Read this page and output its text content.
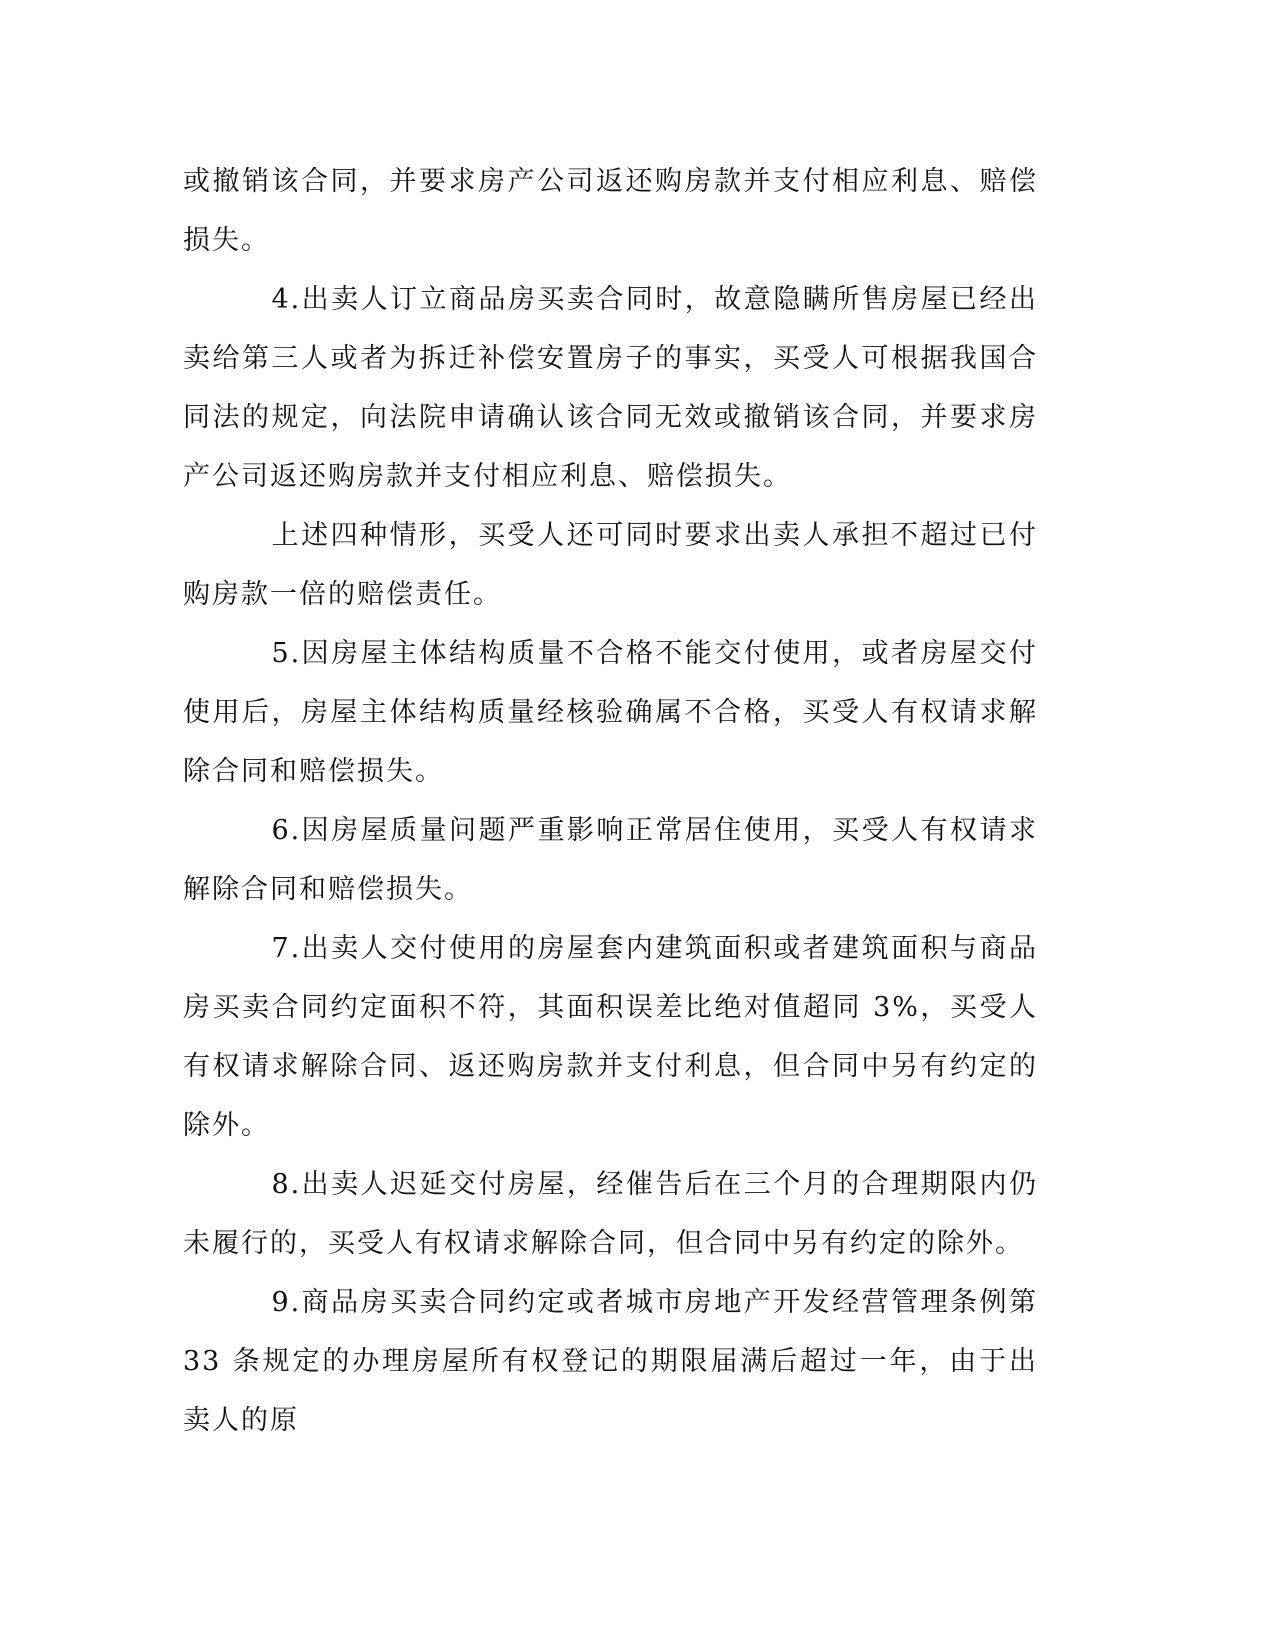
或撤销该合同，并要求房产公司返还购房款并支付相应利息、赔偿损失。

4.出卖人订立商品房买卖合同时，故意隐瞒所售房屋已经出卖给第三人或者为拆迁补偿安置房子的事实，买受人可根据我国合同法的规定，向法院申请确认该合同无效或撤销该合同，并要求房产公司返还购房款并支付相应利息、赔偿损失。

上述四种情形，买受人还可同时要求出卖人承担不超过已付购房款一倍的赔偿责任。

5.因房屋主体结构质量不合格不能交付使用，或者房屋交付使用后，房屋主体结构质量经核验确属不合格，买受人有权请求解除合同和赔偿损失。

6.因房屋质量问题严重影响正常居住使用，买受人有权请求解除合同和赔偿损失。

7.出卖人交付使用的房屋套内建筑面积或者建筑面积与商品房买卖合同约定面积不符，其面积误差比绝对值超同 3%，买受人有权请求解除合同、返还购房款并支付利息，但合同中另有约定的除外。

8.出卖人迟延交付房屋，经催告后在三个月的合理期限内仍未履行的，买受人有权请求解除合同，但合同中另有约定的除外。

9.商品房买卖合同约定或者城市房地产开发经营管理条例第 33 条规定的办理房屋所有权登记的期限届满后超过一年，由于出卖人的原
